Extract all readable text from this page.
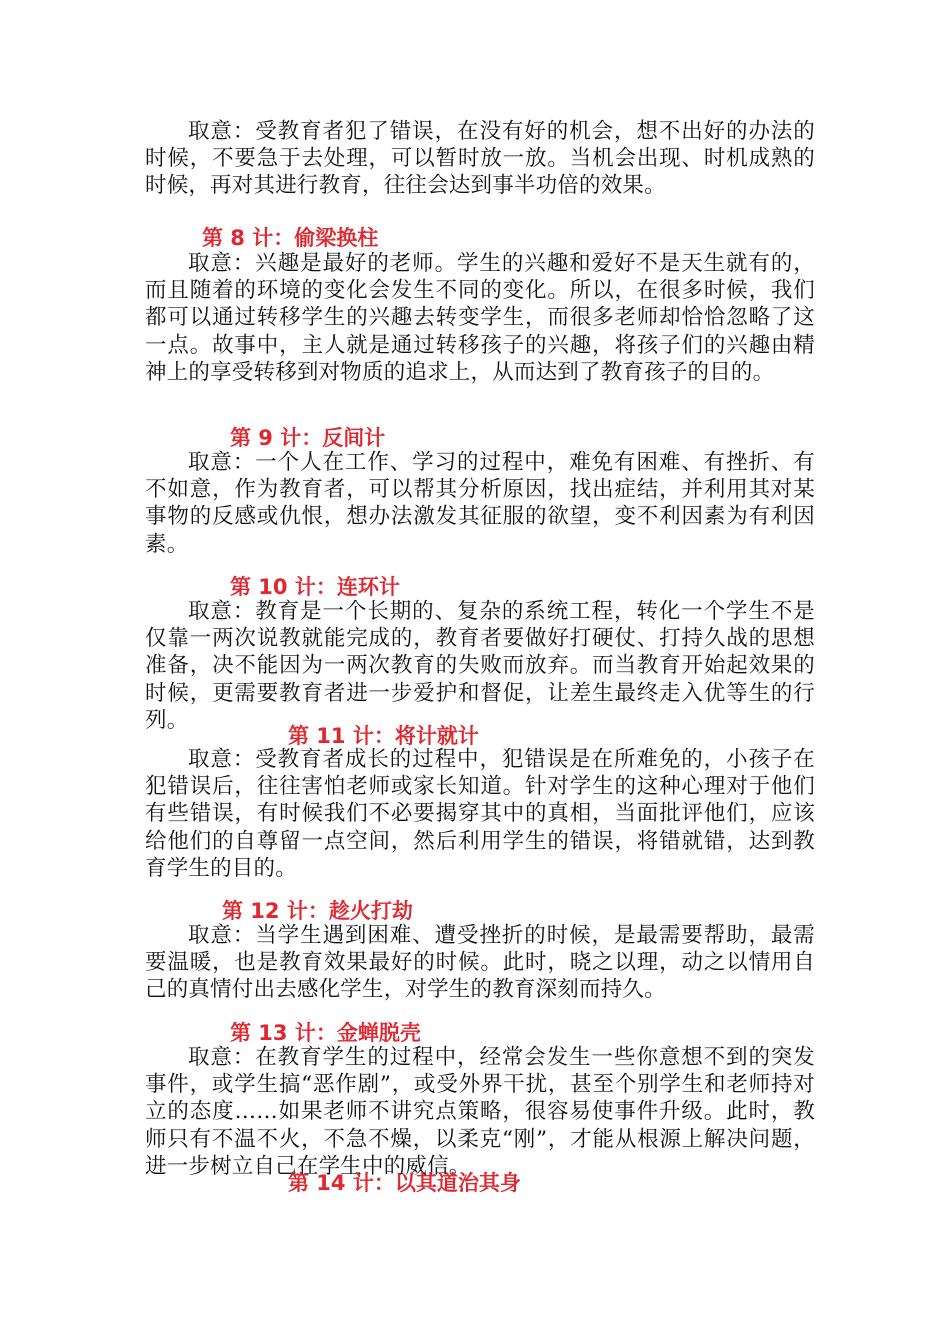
取意：受教育者犯了错误，在没有好的机会，想不出好的办法的时候，不要急于去处理，可以暂时放一放。当机会出现、时机成熟的时候，再对其进行教育，往往会达到事半功倍的效果。

第 8 计：偷梁换柱

取意：兴趣是最好的老师。学生的兴趣和爱好不是天生就有的，而且随着的环境的变化会发生不同的变化。所以，在很多时候，我们都可以通过转移学生的兴趣去转变学生，而很多老师却恰恰忽略了这一点。故事中，主人就是通过转移孩子的兴趣，将孩子们的兴趣由精神上的享受转移到对物质的追求上，从而达到了教育孩子的目的。

第 9 计：反间计

取意：一个人在工作、学习的过程中，难免有困难、有挫折、有不如意，作为教育者，可以帮其分析原因，找出症结，并利用其对某事物的反感或仇恨，想办法激发其征服的欲望，变不利因素为有利因素。

第 10 计：连环计

取意：教育是一个长期的、复杂的系统工程，转化一个学生不是仅靠一两次说教就能完成的，教育者要做好打硬仗、打持久战的思想准备，决不能因为一两次教育的失败而放弃。而当教育开始起效果的时候，更需要教育者进一步爱护和督促，让差生最终走入优等生的行列。

第 11 计：将计就计

取意：受教育者成长的过程中，犯错误是在所难免的，小孩子在犯错误后，往往害怕老师或家长知道。针对学生的这种心理对于他们有些错误，有时候我们不必要揭穿其中的真相，当面批评他们，应该给他们的自尊留一点空间，然后利用学生的错误，将错就错，达到教育学生的目的。

第 12 计：趁火打劫

取意：当学生遇到困难、遭受挫折的时候，是最需要帮助，最需要温暖，也是教育效果最好的时候。此时，晓之以理，动之以情用自己的真情付出去感化学生，对学生的教育深刻而持久。

第 13 计：金蝉脱壳

取意：在教育学生的过程中，经常会发生一些你意想不到的突发事件，或学生搞“恶作剧”，或受外界干扰，甚至个别学生和老师持对立的态度……如果老师不讲究点策略，很容易使事件升级。此时，教师只有不温不火，不急不燥，以柔克“刚”，才能从根源上解决问题，进一步树立自己在学生中的威信。

第 14 计：以其道治其身
